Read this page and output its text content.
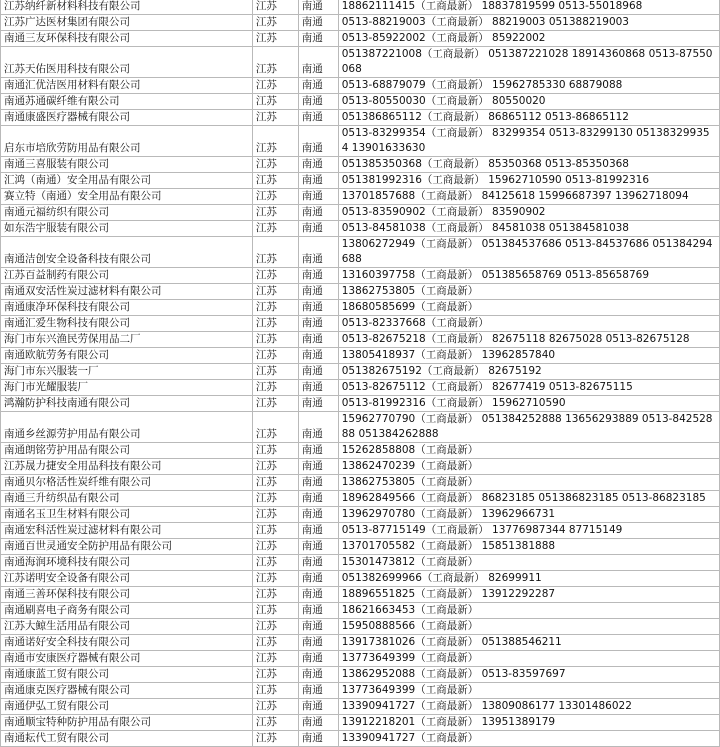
江苏纳纤新材料科技有限公司	江苏	南通	18862111415（工商最新） 18837819599 0513-55018968
江苏广达医材集团有限公司	江苏	南通	0513-88219003（工商最新） 88219003 051388219003
南通三友环保科技有限公司	江苏	南通	0513-85922002（工商最新） 85922002
江苏天佑医用科技有限公司	江苏	南通	051387221008（工商最新） 051387221028 18914360868 0513-87550068
南通汇优洁医用材料有限公司	江苏	南通	0513-68879079（工商最新） 15962785330 68879088
南通苏通碳纤维有限公司	江苏	南通	0513-80550030（工商最新） 80550020
南通康盛医疗器械有限公司	江苏	南通	051386865112（工商最新） 86865112 0513-86865112
启东市培欣劳防用品有限公司	江苏	南通	0513-83299354（工商最新） 83299354 0513-83299130 051383299354 13901633630
南通三喜服装有限公司	江苏	南通	051385350368（工商最新） 85350368 0513-85350368
汇鸿（南通）安全用品有限公司	江苏	南通	051381992316（工商最新） 15962710590 0513-81992316
赛立特（南通）安全用品有限公司	江苏	南通	13701857688（工商最新） 84125618 15996687397 13962718094
南通元福纺织有限公司	江苏	南通	0513-83590902（工商最新） 83590902
如东浩宇服装有限公司	江苏	南通	0513-84581038（工商最新） 84581038 051384581038
南通洁创安全设备科技有限公司	江苏	南通	13806272949（工商最新） 051384537686 0513-84537686 051384294688
江苏百益制药有限公司	江苏	南通	13160397758（工商最新） 051385658769 0513-85658769
南通双安活性炭过滤材料有限公司	江苏	南通	13862753805（工商最新）
南通康净环保科技有限公司	江苏	南通	18680585699（工商最新）
南通汇爱生物科技有限公司	江苏	南通	0513-82337668（工商最新）
海门市东兴渔民劳保用品二厂	江苏	南通	0513-82675218（工商最新） 82675118 82675028 0513-82675128
南通欧航劳务有限公司	江苏	南通	13805418937（工商最新） 13962857840
海门市东兴服装一厂	江苏	南通	051382675192（工商最新） 82675192
海门市光耀服装厂	江苏	南通	0513-82675112（工商最新） 82677419 0513-82675115
鸿瀚防护科技南通有限公司	江苏	南通	0513-81992316（工商最新） 15962710590
南通乡丝源劳护用品有限公司	江苏	南通	15962770790（工商最新） 051384252888 13656293889 0513-84252888 051384262888
南通朗铭劳护用品有限公司	江苏	南通	15262858808（工商最新）
江苏晟力捷安全用品科技有限公司	江苏	南通	13862470239（工商最新）
南通贝尔格活性炭纤维有限公司	江苏	南通	13862753805（工商最新）
南通三升纺织品有限公司	江苏	南通	18962849566（工商最新） 86823185 051386823185 0513-86823185
南通名玉卫生材料有限公司	江苏	南通	13962970780（工商最新） 13962966731
南通宏科活性炭过滤材料有限公司	江苏	南通	0513-87715149（工商最新） 13776987344 87715149
南通百世灵通安全防护用品有限公司	江苏	南通	13701705582（工商最新） 15851381888
南通海润环境科技有限公司	江苏	南通	15301473812（工商最新）
江苏诺明安全设备有限公司	江苏	南通	051382699966（工商最新） 82699911
南通三善环保科技有限公司	江苏	南通	18896551825（工商最新） 13912292287
南通刷喜电子商务有限公司	江苏	南通	18621663453（工商最新）
江苏大鲸生活用品有限公司	江苏	南通	15950888566（工商最新）
南通诺好安全科技有限公司	江苏	南通	13917381026（工商最新） 051388546211
南通市安康医疗器械有限公司	江苏	南通	13773649399（工商最新）
南通康蓝工贸有限公司	江苏	南通	13862952088（工商最新） 0513-83597697
南通康克医疗器械有限公司	江苏	南通	13773649399（工商最新）
南通伊弘工贸有限公司	江苏	南通	13390941727（工商最新） 13809086177 13301486022
南通顺宝特种防护用品有限公司	江苏	南通	13912218201（工商最新） 13951389179
南通耘代工贸有限公司	江苏	南通	13390941727（工商最新）
